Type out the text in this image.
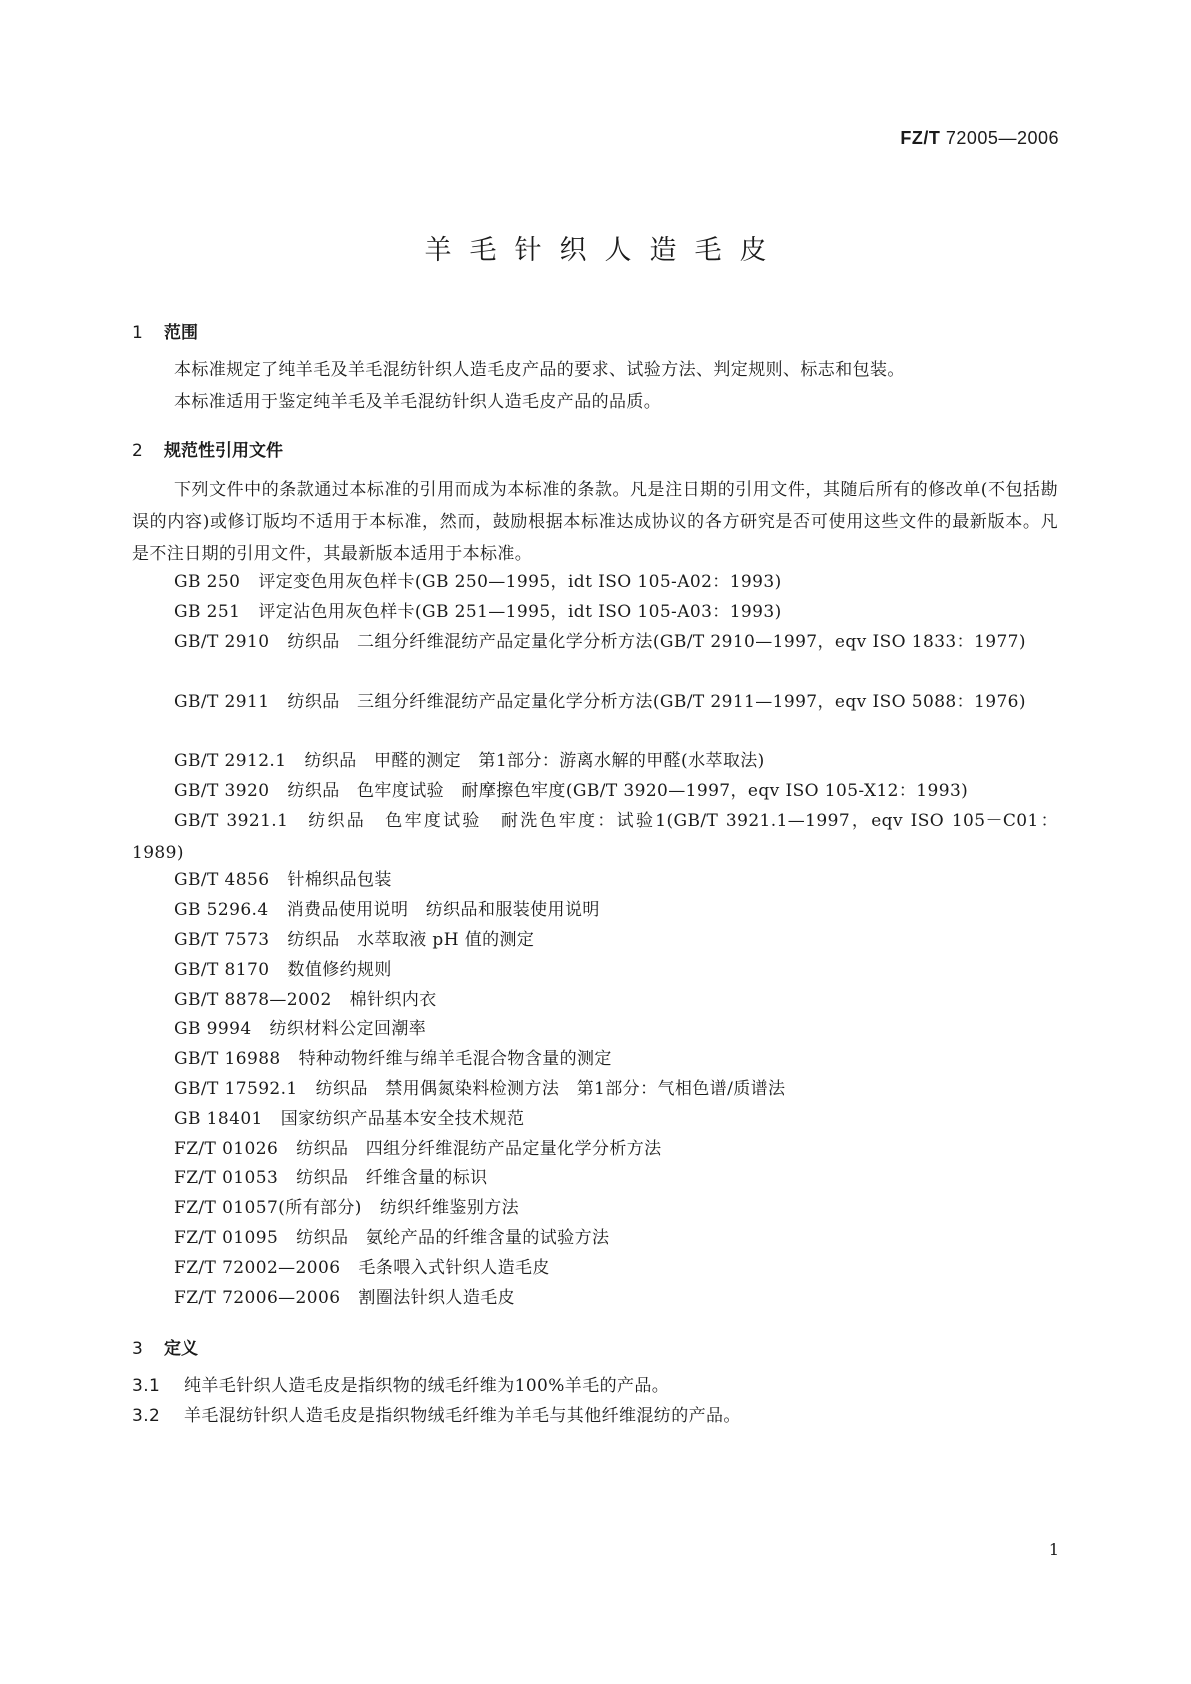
FZ/T 72005—2006
羊毛针织人造毛皮
1 范围
本标准规定了纯羊毛及羊毛混纺针织人造毛皮产品的要求、试验方法、判定规则、标志和包装。
本标准适用于鉴定纯羊毛及羊毛混纺针织人造毛皮产品的品质。
2 规范性引用文件
下列文件中的条款通过本标准的引用而成为本标准的条款。凡是注日期的引用文件，其随后所有的修改单(不包括勘误的内容)或修订版均不适用于本标准，然而，鼓励根据本标准达成协议的各方研究是否可使用这些文件的最新版本。凡是不注日期的引用文件，其最新版本适用于本标准。
GB 250 评定变色用灰色样卡(GB 250—1995，idt ISO 105-A02：1993)
GB 251 评定沾色用灰色样卡(GB 251—1995，idt ISO 105-A03：1993)
GB/T 2910 纺织品　二组分纤维混纺产品定量化学分析方法(GB/T 2910—1997，eqv ISO 1833：1977)
GB/T 2911 纺织品　三组分纤维混纺产品定量化学分析方法(GB/T 2911—1997，eqv ISO 5088：1976)
GB/T 2912.1 纺织品　甲醛的测定　第1部分：游离水解的甲醛(水萃取法)
GB/T 3920 纺织品　色牢度试验　耐摩擦色牢度(GB/T 3920—1997，eqv ISO 105-X12：1993)
GB/T 3921.1 纺织品　色牢度试验　耐洗色牢度：试验1(GB/T 3921.1—1997，eqv ISO 105－C01：1989)
GB/T 4856 针棉织品包装
GB 5296.4 消费品使用说明　纺织品和服装使用说明
GB/T 7573 纺织品　水萃取液 pH 值的测定
GB/T 8170 数值修约规则
GB/T 8878—2002 棉针织内衣
GB 9994 纺织材料公定回潮率
GB/T 16988 特种动物纤维与绵羊毛混合物含量的测定
GB/T 17592.1 纺织品　禁用偶氮染料检测方法　第1部分：气相色谱/质谱法
GB 18401 国家纺织产品基本安全技术规范
FZ/T 01026 纺织品　四组分纤维混纺产品定量化学分析方法
FZ/T 01053 纺织品　纤维含量的标识
FZ/T 01057(所有部分) 纺织纤维鉴别方法
FZ/T 01095 纺织品　氨纶产品的纤维含量的试验方法
FZ/T 72002—2006 毛条喂入式针织人造毛皮
FZ/T 72006—2006 割圈法针织人造毛皮
3 定义
3.1 纯羊毛针织人造毛皮是指织物的绒毛纤维为100%羊毛的产品。
3.2 羊毛混纺针织人造毛皮是指织物绒毛纤维为羊毛与其他纤维混纺的产品。
1
